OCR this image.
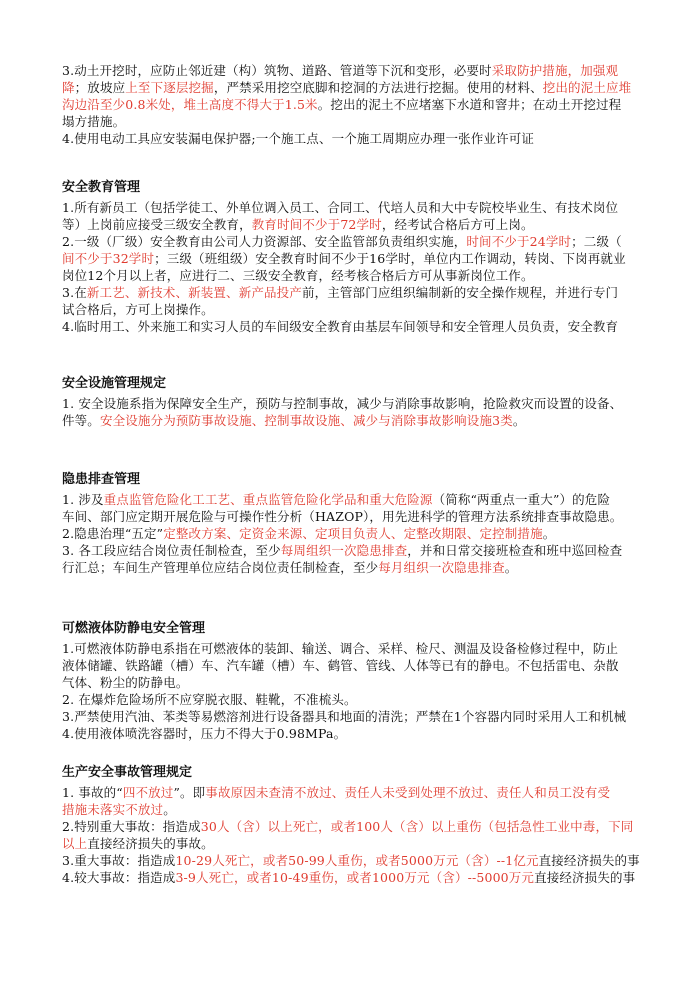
3.动土开挖时，应防止邻近建（构）筑物、道路、管道等下沉和变形，必要时采取防护措施，加强观

降；放坡应上至下逐层挖掘，严禁采用挖空底脚和挖洞的方法进行挖掘。使用的材料、挖出的泥土应堆

沟边沿至少0.8米处，堆土高度不得大于1.5米。挖出的泥土不应堵塞下水道和窨井；在动土开挖过程

塌方措施。

4.使用电动工具应安装漏电保护器;一个施工点、一个施工周期应办理一张作业许可证

安全教育管理

1.所有新员工（包括学徒工、外单位调入员工、合同工、代培人员和大中专院校毕业生、有技术岗位

等）上岗前应接受三级安全教育，教育时间不少于72学时，经考试合格后方可上岗。

2.一级（厂级）安全教育由公司人力资源部、安全监管部负责组织实施，时间不少于24学时；二级（

间不少于32学时；三级（班组级）安全教育时间不少于16学时，单位内工作调动，转岗、下岗再就业

岗位12个月以上者，应进行二、三级安全教育，经考核合格后方可从事新岗位工作。

3.在新工艺、新技术、新装置、新产品投产前，主管部门应组织编制新的安全操作规程，并进行专门

试合格后，方可上岗操作。

4.临时用工、外来施工和实习人员的车间级安全教育由基层车间领导和安全管理人员负责，安全教育

安全设施管理规定

1. 安全设施系指为保障安全生产，预防与控制事故，减少与消除事故影响，抢险救灾而设置的设备、

件等。安全设施分为预防事故设施、控制事故设施、减少与消除事故影响设施3类。

隐患排查管理

1. 涉及重点监管危险化工工艺、重点监管危险化学品和重大危险源（简称“两重点一重大”）的危险

车间、部门应定期开展危险与可操作性分析（HAZOP），用先进科学的管理方法系统排查事故隐患。

2.隐患治理“五定”定整改方案、定资金来源、定项目负责人、定整改期限、定控制措施。

3. 各工段应结合岗位责任制检查，至少每周组织一次隐患排查，并和日常交接班检查和班中巡回检查

行汇总；车间生产管理单位应结合岗位责任制检查，至少每月组织一次隐患排查。

可燃液体防静电安全管理

1.可燃液体防静电系指在可燃液体的装卸、输送、调合、采样、检尺、测温及设备检修过程中，防止

液体储罐、铁路罐（槽）车、汽车罐（槽）车、鹤管、管线、人体等已有的静电。不包括雷电、杂散

气体、粉尘的防静电。

2. 在爆炸危险场所不应穿脱衣服、鞋靴，不准梳头。

3.严禁使用汽油、苯类等易燃溶剂进行设备器具和地面的清洗；严禁在1个容器内同时采用人工和机械

4.使用液体喷洗容器时，压力不得大于0.98MPa。

生产安全事故管理规定

1. 事故的“四不放过”。即事故原因未查清不放过、责任人未受到处理不放过、责任人和员工没有受

措施未落实不放过。

2.特别重大事故：指造成30人（含）以上死亡，或者100人（含）以上重伤（包括急性工业中毒，下同

以上直接经济损失的事故。

3.重大事故：指造成10-29人死亡，或者50-99人重伤，或者5000万元（含）--1亿元直接经济损失的事

4.较大事故：指造成3-9人死亡，或者10-49重伤，或者1000万元（含）--5000万元直接经济损失的事
